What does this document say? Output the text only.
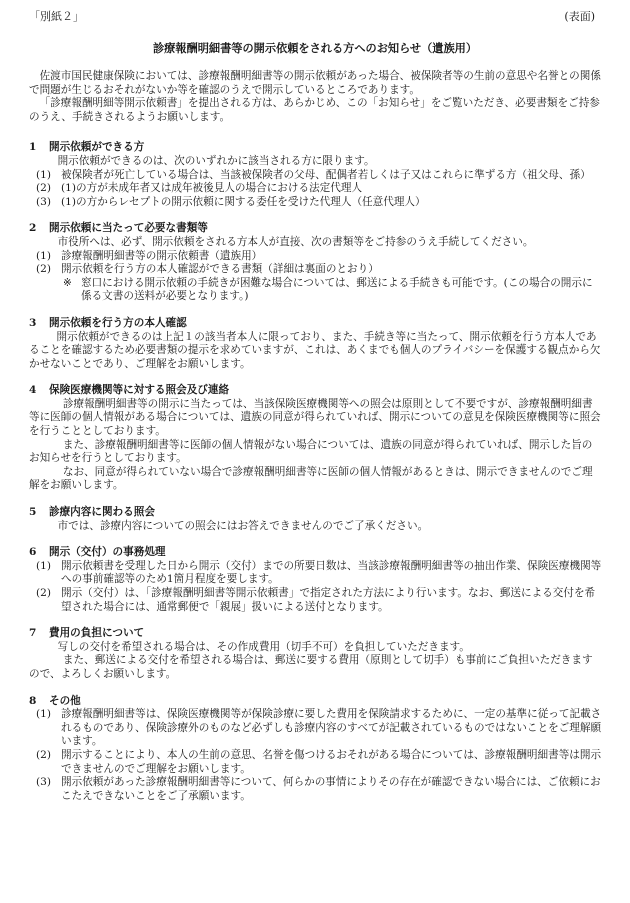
「別紙２」	(表面)
診療報酬明細書等の開示依頼をされる方へのお知らせ（遺族用）

佐渡市国民健康保険においては、診療報酬明細書等の開示依頼があった場合、被保険者等の生前の意思や名誉との関係で問題が生じるおそれがないか等を確認のうえで開示しているところであります。

「診療報酬明細等開示依頼書」を提出される方は、あらかじめ、この「お知らせ」をご覧いただき、必要書類をご持参のうえ、手続きされるようお願いします。

1	開示依頼ができる方

開示依頼ができるのは、次のいずれかに該当される方に限ります。

(1) 被保険者が死亡している場合は、当該被保険者の父母、配偶者若しくは子又はこれらに準ずる方（祖父母、孫）
(2) (1)の方が未成年者又は成年被後見人の場合における法定代理人
(3) (1)の方からレセプトの開示依頼に関する委任を受けた代理人（任意代理人）
2	開示依頼に当たって必要な書類等

市役所へは、必ず、開示依頼をされる方本人が直接、次の書類等をご持参のうえ手続してください。

(1) 診療報酬明細書等の開示依頼書（遺族用）
(2) 開示依頼を行う方の本人確認ができる書類（詳細は裏面のとおり）
※ 窓口における開示依頼の手続きが困難な場合については、郵送による手続きも可能です。(この場合の開示に係る文書の送料が必要となります。)
3	開示依頼を行う方の本人確認

開示依頼ができるのは上記１の該当者本人に限っており、また、手続き等に当たって、開示依頼を行う方本人であることを確認するため必要書類の提示を求めていますが、これは、あくまでも個人のプライバシーを保護する観点から欠かせないことであり、ご理解をお願いします。

4	保険医療機関等に対する照会及び連絡

診療報酬明細書等の開示に当たっては、当該保険医療機関等への照会は原則として不要ですが、診療報酬明細書等に医師の個人情報がある場合については、遺族の同意が得られていれば、開示についての意見を保険医療機関等に照会を行うこととしております。

また、診療報酬明細書等に医師の個人情報がない場合については、遺族の同意が得られていれば、開示した旨のお知らせを行うとしております。

なお、同意が得られていない場合で診療報酬明細書等に医師の個人情報があるときは、開示できませんのでご理解をお願いします。

5	診療内容に関わる照会

市では、診療内容についての照会にはお答えできませんのでご了承ください。

6	開示（交付）の事務処理
(1) 開示依頼書を受理した日から開示（交付）までの所要日数は、当該診療報酬明細書等の抽出作業、保険医療機関等への事前確認等のため1箇月程度を要します。
(2) 開示（交付）は、「診療報酬明細書等開示依頼書」で指定された方法により行います。なお、郵送による交付を希望された場合には、通常郵便で「親展」扱いによる送付となります。
7	費用の負担について

写しの交付を希望される場合は、その作成費用（切手不可）を負担していただきます。

また、郵送による交付を希望される場合は、郵送に要する費用（原則として切手）も事前にご負担いただきますので、よろしくお願いします。

8	その他
(1) 診療報酬明細書等は、保険医療機関等が保険診療に要した費用を保険請求するために、一定の基準に従って記載されるものであり、保険診療外のものなど必ずしも診療内容のすべてが記載されているものではないことをご理解願います。
(2) 開示することにより、本人の生前の意思、名誉を傷つけるおそれがある場合については、診療報酬明細書等は開示できませんのでご理解をお願いします。
(3) 開示依頼があった診療報酬明細書等について、何らかの事情によりその存在が確認できない場合には、ご依頼におこたえできないことをご了承願います。
